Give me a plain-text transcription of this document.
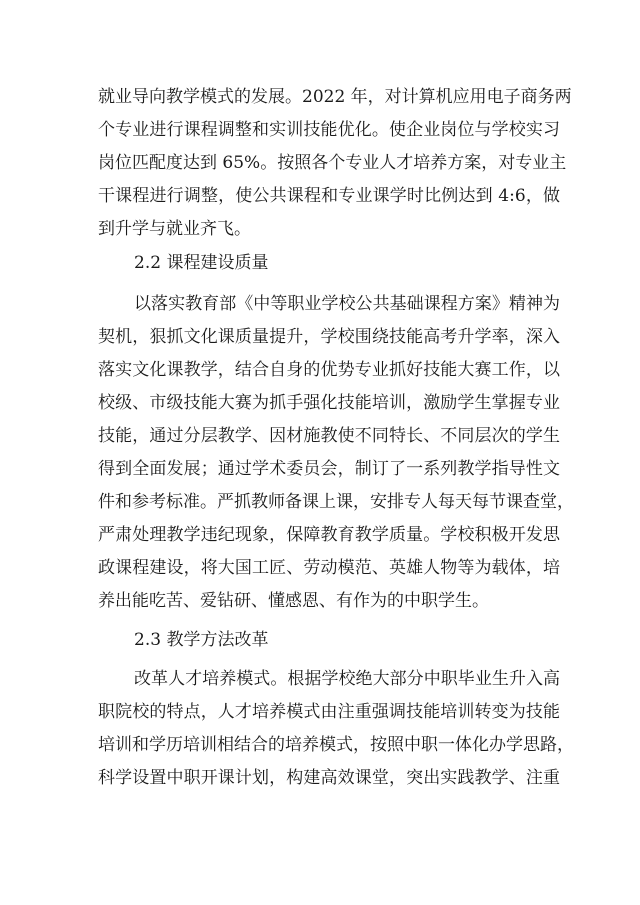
就业导向教学模式的发展。2022 年，对计算机应用电子商务两
个专业进行课程调整和实训技能优化。使企业岗位与学校实习
岗位匹配度达到 65%。按照各个专业人才培养方案，对专业主
干课程进行调整，使公共课程和专业课学时比例达到 4:6，做
到升学与就业齐飞。
2.2 课程建设质量
以落实教育部《中等职业学校公共基础课程方案》精神为
契机，狠抓文化课质量提升，学校围绕技能高考升学率，深入
落实文化课教学，结合自身的优势专业抓好技能大赛工作，以
校级、市级技能大赛为抓手强化技能培训，激励学生掌握专业
技能，通过分层教学、因材施教使不同特长、不同层次的学生
得到全面发展；通过学术委员会，制订了一系列教学指导性文
件和参考标准。严抓教师备课上课，安排专人每天每节课查堂，
严肃处理教学违纪现象，保障教育教学质量。学校积极开发思
政课程建设，将大国工匠、劳动模范、英雄人物等为载体，培
养出能吃苦、爱钻研、懂感恩、有作为的中职学生。
2.3 教学方法改革
改革人才培养模式。根据学校绝大部分中职毕业生升入高
职院校的特点，人才培养模式由注重强调技能培训转变为技能
培训和学历培训相结合的培养模式，按照中职一体化办学思路，
科学设置中职开课计划，构建高效课堂，突出实践教学、注重
